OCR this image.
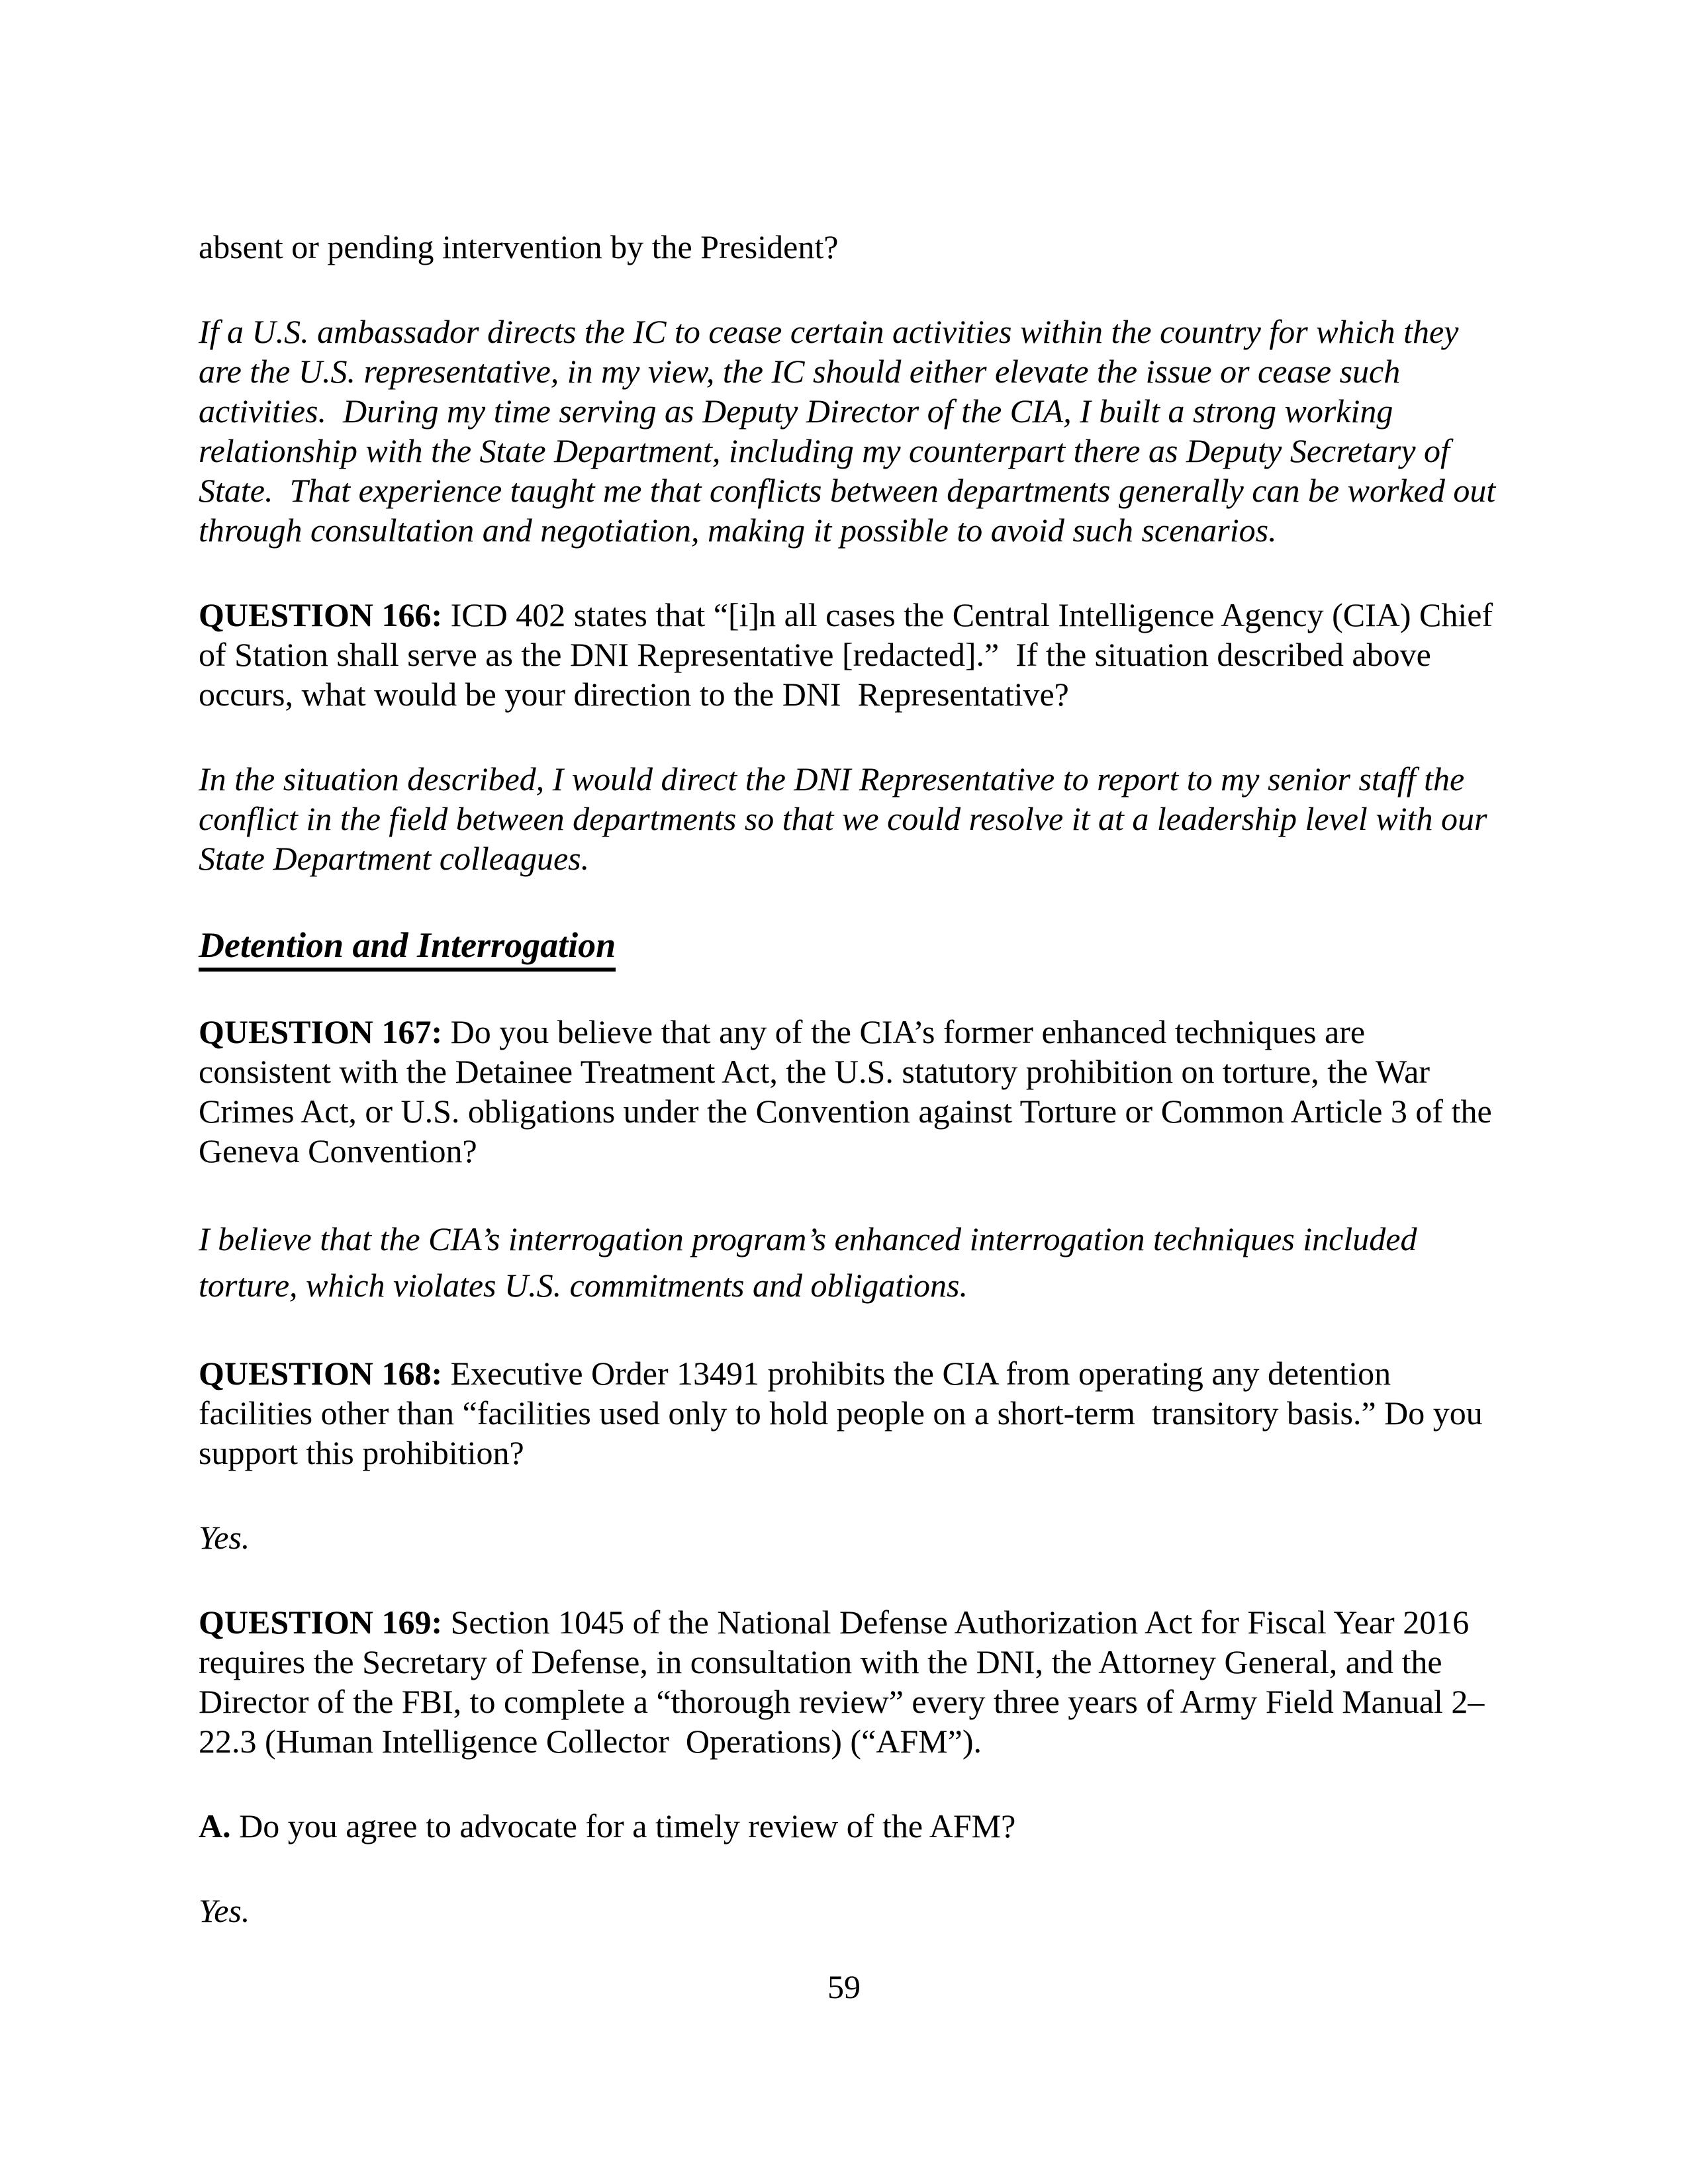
absent or pending intervention by the President?

If a U.S. ambassador directs the IC to cease certain activities within the country for which they are the U.S. representative, in my view, the IC should either elevate the issue or cease such activities.  During my time serving as Deputy Director of the CIA, I built a strong working relationship with the State Department, including my counterpart there as Deputy Secretary of State.  That experience taught me that conflicts between departments generally can be worked out through consultation and negotiation, making it possible to avoid such scenarios.

QUESTION 166: ICD 402 states that “[i]n all cases the Central Intelligence Agency (CIA) Chief of Station shall serve as the DNI Representative [redacted].”  If the situation described above occurs, what would be your direction to the DNI  Representative?

In the situation described, I would direct the DNI Representative to report to my senior staff the conflict in the field between departments so that we could resolve it at a leadership level with our State Department colleagues.

Detention and Interrogation

QUESTION 167: Do you believe that any of the CIA’s former enhanced techniques are consistent with the Detainee Treatment Act, the U.S. statutory prohibition on torture, the War Crimes Act, or U.S. obligations under the Convention against Torture or Common Article 3 of the Geneva Convention?

I believe that the CIA’s interrogation program’s enhanced interrogation techniques included torture, which violates U.S. commitments and obligations.

QUESTION 168: Executive Order 13491 prohibits the CIA from operating any detention facilities other than “facilities used only to hold people on a short-term  transitory basis.” Do you support this prohibition?

Yes.

QUESTION 169: Section 1045 of the National Defense Authorization Act for Fiscal Year 2016 requires the Secretary of Defense, in consultation with the DNI, the Attorney General, and the Director of the FBI, to complete a “thorough review” every three years of Army Field Manual 2–22.3 (Human Intelligence Collector  Operations) (“AFM”).

A. Do you agree to advocate for a timely review of the AFM?

Yes.

59
